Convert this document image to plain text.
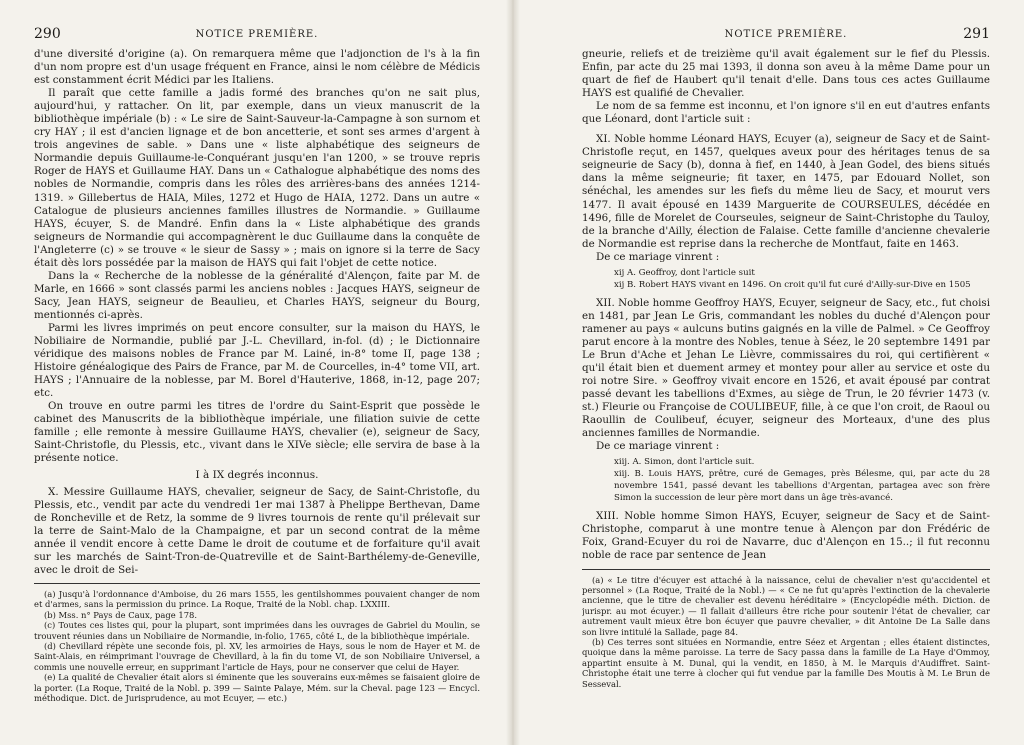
290	NOTICE PREMIÈRE.

d'une diversité d'origine (a). On remarquera même que l'adjonction de l's à la fin d'un nom propre est d'un usage fréquent en France, ainsi le nom célèbre de Médicis est constamment écrit Médici par les Italiens.

Il paraît que cette famille a jadis formé des branches qu'on ne sait plus, aujourd'hui, y rattacher. On lit, par exemple, dans un vieux manuscrit de la bibliothèque impériale (b) : « Le sire de Saint-Sauveur-la-Campagne à son surnom et cry HAY ; il est d'ancien lignage et de bon ancetterie, et sont ses armes d'argent à trois angevines de sable. » Dans une « liste alphabétique des seigneurs de Normandie depuis Guillaume-le-Conquérant jusqu'en l'an 1200, » se trouve repris Roger de HAYS et Guillaume HAY. Dans un « Cathalogue alphabétique des noms des nobles de Normandie, compris dans les rôles des arrières-bans des années 1214-1319. » Gillebertus de HAIA, Miles, 1272 et Hugo de HAIA, 1272. Dans un autre « Catalogue de plusieurs anciennes familles illustres de Normandie. » Guillaume HAYS, écuyer, S. de Mandré. Enfin dans la « Liste alphabétique des grands seigneurs de Normandie qui accompagnèrent le duc Guillaume dans la conquête de l'Angleterre (c) » se trouve « le sieur de Sassy » ; mais on ignore si la terre de Sacy était dès lors possédée par la maison de HAYS qui fait l'objet de cette notice.

Dans la « Recherche de la noblesse de la généralité d'Alençon, faite par M. de Marle, en 1666 » sont classés parmi les anciens nobles : Jacques HAYS, seigneur de Sacy, Jean HAYS, seigneur de Beaulieu, et Charles HAYS, seigneur du Bourg, mentionnés ci-après.

Parmi les livres imprimés on peut encore consulter, sur la maison du HAYS, le Nobiliaire de Normandie, publié par J.-L. Chevillard, in-fol. (d) ; le Dictionnaire véridique des maisons nobles de France par M. Lainé, in-8° tome II, page 138 ; Histoire généalogique des Pairs de France, par M. de Courcelles, in-4° tome VII, art. HAYS ; l'Annuaire de la noblesse, par M. Borel d'Hauterive, 1868, in-12, page 207; etc.

On trouve en outre parmi les titres de l'ordre du Saint-Esprit que possède le cabinet des Manuscrits de la bibliothèque impériale, une filiation suivie de cette famille ; elle remonte à messire Guillaume HAYS, chevalier (e), seigneur de Sacy, Saint-Christofle, du Plessis, etc., vivant dans le XIVe siècle; elle servira de base à la présente notice.

I à IX degrés inconnus.

X. Messire Guillaume HAYS, chevalier, seigneur de Sacy, de Saint-Christofle, du Plessis, etc., vendit par acte du vendredi 1er mai 1387 à Phelippe Berthevan, Dame de Roncheville et de Retz, la somme de 9 livres tournois de rente qu'il prélevait sur la terre de Saint-Malo de la Champaigne, et par un second contrat de la même année il vendit encore à cette Dame le droit de coutume et de forfaiture qu'il avait sur les marchés de Saint-Tron-de-Quatreville et de Saint-Barthélemy-de-Geneville, avec le droit de Sei-

(a) Jusqu'à l'ordonnance d'Amboise, du 26 mars 1555, les gentilshommes pouvaient changer de nom et d'armes, sans la permission du prince. La Roque, Traité de la Nobl. chap. LXXIII.

(b) Mss. n° Pays de Caux, page 178.

(c) Toutes ces listes qui, pour la plupart, sont imprimées dans les ouvrages de Gabriel du Moulin, se trouvent réunies dans un Nobiliaire de Normandie, in-folio, 1765, côté L, de la bibliothèque impériale.

(d) Chevillard répète une seconde fois, pl. XV, les armoiries de Hays, sous le nom de Hayer et M. de Saint-Alais, en réimprimant l'ouvrage de Chevillard, à la fin du tome VI, de son Nobiliaire Universel, a commis une nouvelle erreur, en supprimant l'article de Hays, pour ne conserver que celui de Hayer.

(e) La qualité de Chevalier était alors si éminente que les souverains eux-mêmes se faisaient gloire de la porter. (La Roque, Traité de la Nobl. p. 399 — Sainte Palaye, Mém. sur la Cheval. page 123 — Encycl. méthodique. Dict. de Jurisprudence, au mot Ecuyer, — etc.)

NOTICE PREMIÈRE.	291

gneurie, reliefs et de treizième qu'il avait également sur le fief du Plessis. Enfin, par acte du 25 mai 1393, il donna son aveu à la même Dame pour un quart de fief de Haubert qu'il tenait d'elle. Dans tous ces actes Guillaume HAYS est qualifié de Chevalier.

Le nom de sa femme est inconnu, et l'on ignore s'il en eut d'autres enfants que Léonard, dont l'article suit :

XI. Noble homme Léonard HAYS, Ecuyer (a), seigneur de Sacy et de Saint-Christofle reçut, en 1457, quelques aveux pour des héritages tenus de sa seigneurie de Sacy (b), donna à fief, en 1440, à Jean Godel, des biens situés dans la même seigneurie; fit taxer, en 1475, par Edouard Nollet, son sénéchal, les amendes sur les fiefs du même lieu de Sacy, et mourut vers 1477. Il avait épousé en 1439 Marguerite de COURSEULES, décédée en 1496, fille de Morelet de Courseules, seigneur de Saint-Christophe du Tauloy, de la branche d'Ailly, élection de Falaise. Cette famille d'ancienne chevalerie de Normandie est reprise dans la recherche de Montfaut, faite en 1463.

De ce mariage vinrent :

xij A. Geoffroy, dont l'article suit
xij B. Robert HAYS vivant en 1496. On croit qu'il fut curé d'Ailly-sur-Dive en 1505

XII. Noble homme Geoffroy HAYS, Ecuyer, seigneur de Sacy, etc., fut choisi en 1481, par Jean Le Gris, commandant les nobles du duché d'Alençon pour ramener au pays « aulcuns butins gaignés en la ville de Palmel. » Ce Geoffroy parut encore à la montre des Nobles, tenue à Séez, le 20 septembre 1491 par Le Brun d'Ache et Jehan Le Lièvre, commissaires du roi, qui certifièrent « qu'il était bien et duement armey et montey pour aller au service et oste du roi notre Sire. » Geoffroy vivait encore en 1526, et avait épousé par contrat passé devant les tabellions d'Exmes, au siège de Trun, le 20 février 1473 (v. st.) Fleurie ou Françoise de COULIBEUF, fille, à ce que l'on croit, de Raoul ou Raoullin de Coulibeuf, écuyer, seigneur des Morteaux, d'une des plus anciennes familles de Normandie.

De ce mariage vinrent :

xiij. A. Simon, dont l'article suit.
xiij. B. Louis HAYS, prêtre, curé de Gemages, près Bélesme, qui, par acte du 28 novembre 1541, passé devant les tabellions d'Argentan, partagea avec son frère Simon la succession de leur père mort dans un âge très-avancé.

XIII. Noble homme Simon HAYS, Ecuyer, seigneur de Sacy et de Saint-Christophe, comparut à une montre tenue à Alençon par don Frédéric de Foix, Grand-Ecuyer du roi de Navarre, duc d'Alençon en 15..; il fut reconnu noble de race par sentence de Jean

(a) « Le titre d'écuyer est attaché à la naissance, celui de chevalier n'est qu'accidentel et personnel » (La Roque, Traité de la Nobl.) — « Ce ne fut qu'après l'extinction de la chevalerie ancienne, que le titre de chevalier est devenu héréditaire » (Encyclopédie méth. Diction. de jurispr. au mot écuyer.) — Il fallait d'ailleurs être riche pour soutenir l'état de chevalier, car autrement vault mieux être bon écuyer que pauvre chevalier, » dit Antoine De La Salle dans son livre intitulé la Sallade, page 84.

(b) Ces terres sont situées en Normandie, entre Séez et Argentan ; elles étaient distinctes, quoique dans la même paroisse. La terre de Sacy passa dans la famille de La Haye d'Ommoy, appartint ensuite à M. Dunal, qui la vendit, en 1850, à M. le Marquis d'Audiffret. Saint-Christophe était une terre à clocher qui fut vendue par la famille Des Moutis à M. Le Brun de Sesseval.
